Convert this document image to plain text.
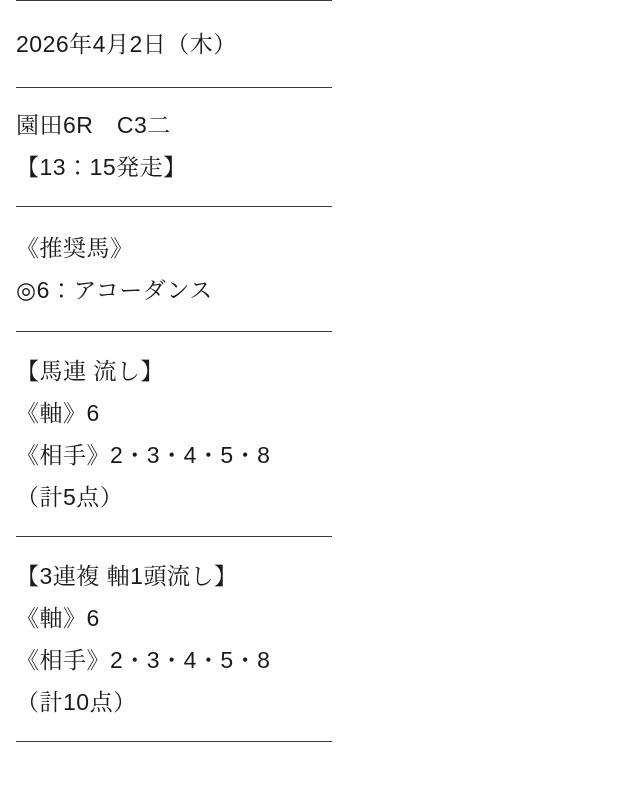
2026年4月2日（木）
園田6R　C3二
【13：15発走】
《推奨馬》
◎6：アコーダンス
【馬連 流し】
《軸》6
《相手》2・3・4・5・8
（計5点）
【3連複 軸1頭流し】
《軸》6
《相手》2・3・4・5・8
（計10点）
